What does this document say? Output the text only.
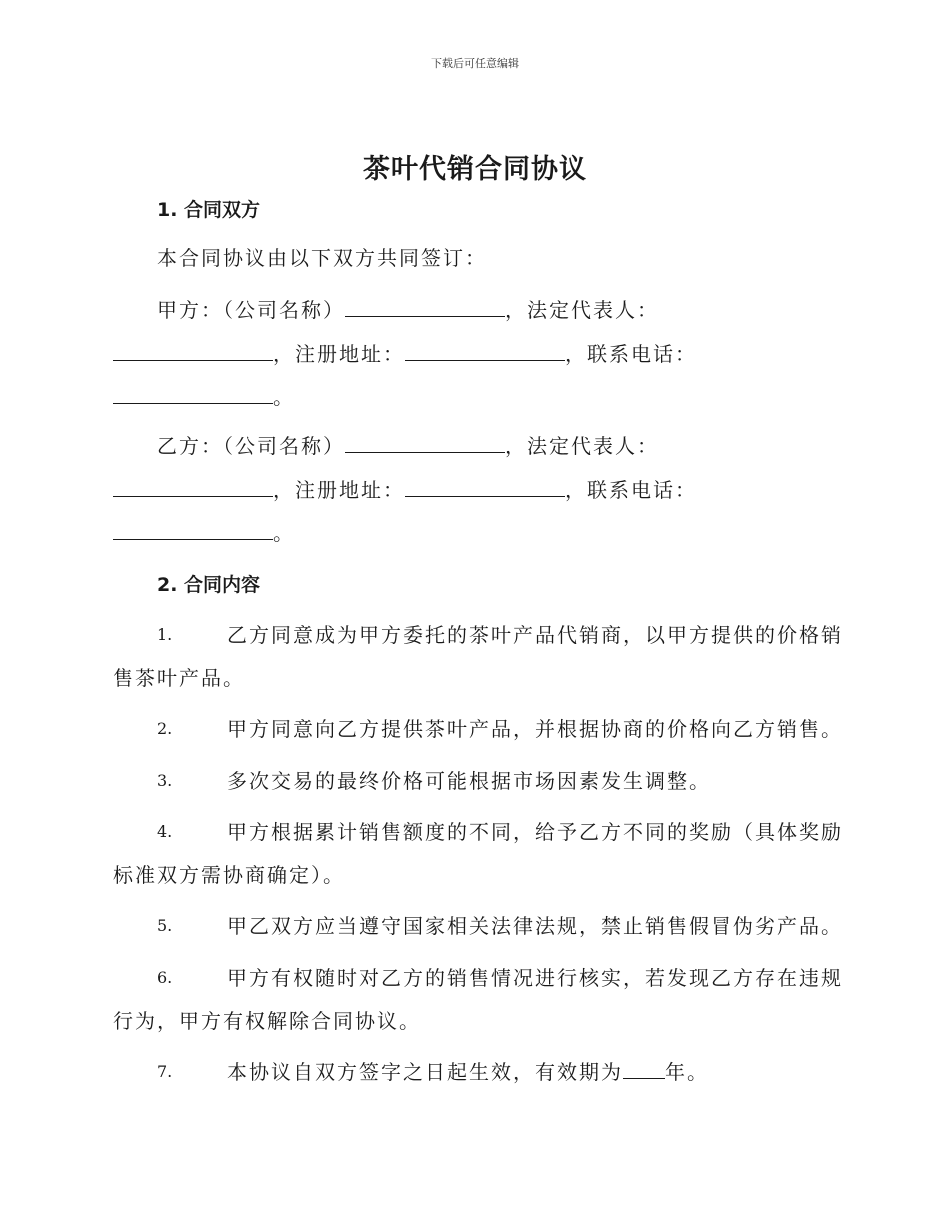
下载后可任意编辑
茶叶代销合同协议
1. 合同双方
本合同协议由以下双方共同签订：
甲方：（公司名称）	，法定代表人：
，注册地址：	，联系电话：
。
乙方：（公司名称）	，法定代表人：
，注册地址：	，联系电话：
。
2. 合同内容
1.	乙方同意成为甲方委托的茶叶产品代销商，以甲方提供的价格销
售茶叶产品。
2.	甲方同意向乙方提供茶叶产品，并根据协商的价格向乙方销售。
3.	多次交易的最终价格可能根据市场因素发生调整。
4.	甲方根据累计销售额度的不同，给予乙方不同的奖励（具体奖励
标准双方需协商确定）。
5.	甲乙双方应当遵守国家相关法律法规，禁止销售假冒伪劣产品。
6.	甲方有权随时对乙方的销售情况进行核实，若发现乙方存在违规
行为，甲方有权解除合同协议。
7.	本协议自双方签字之日起生效，有效期为 年。
